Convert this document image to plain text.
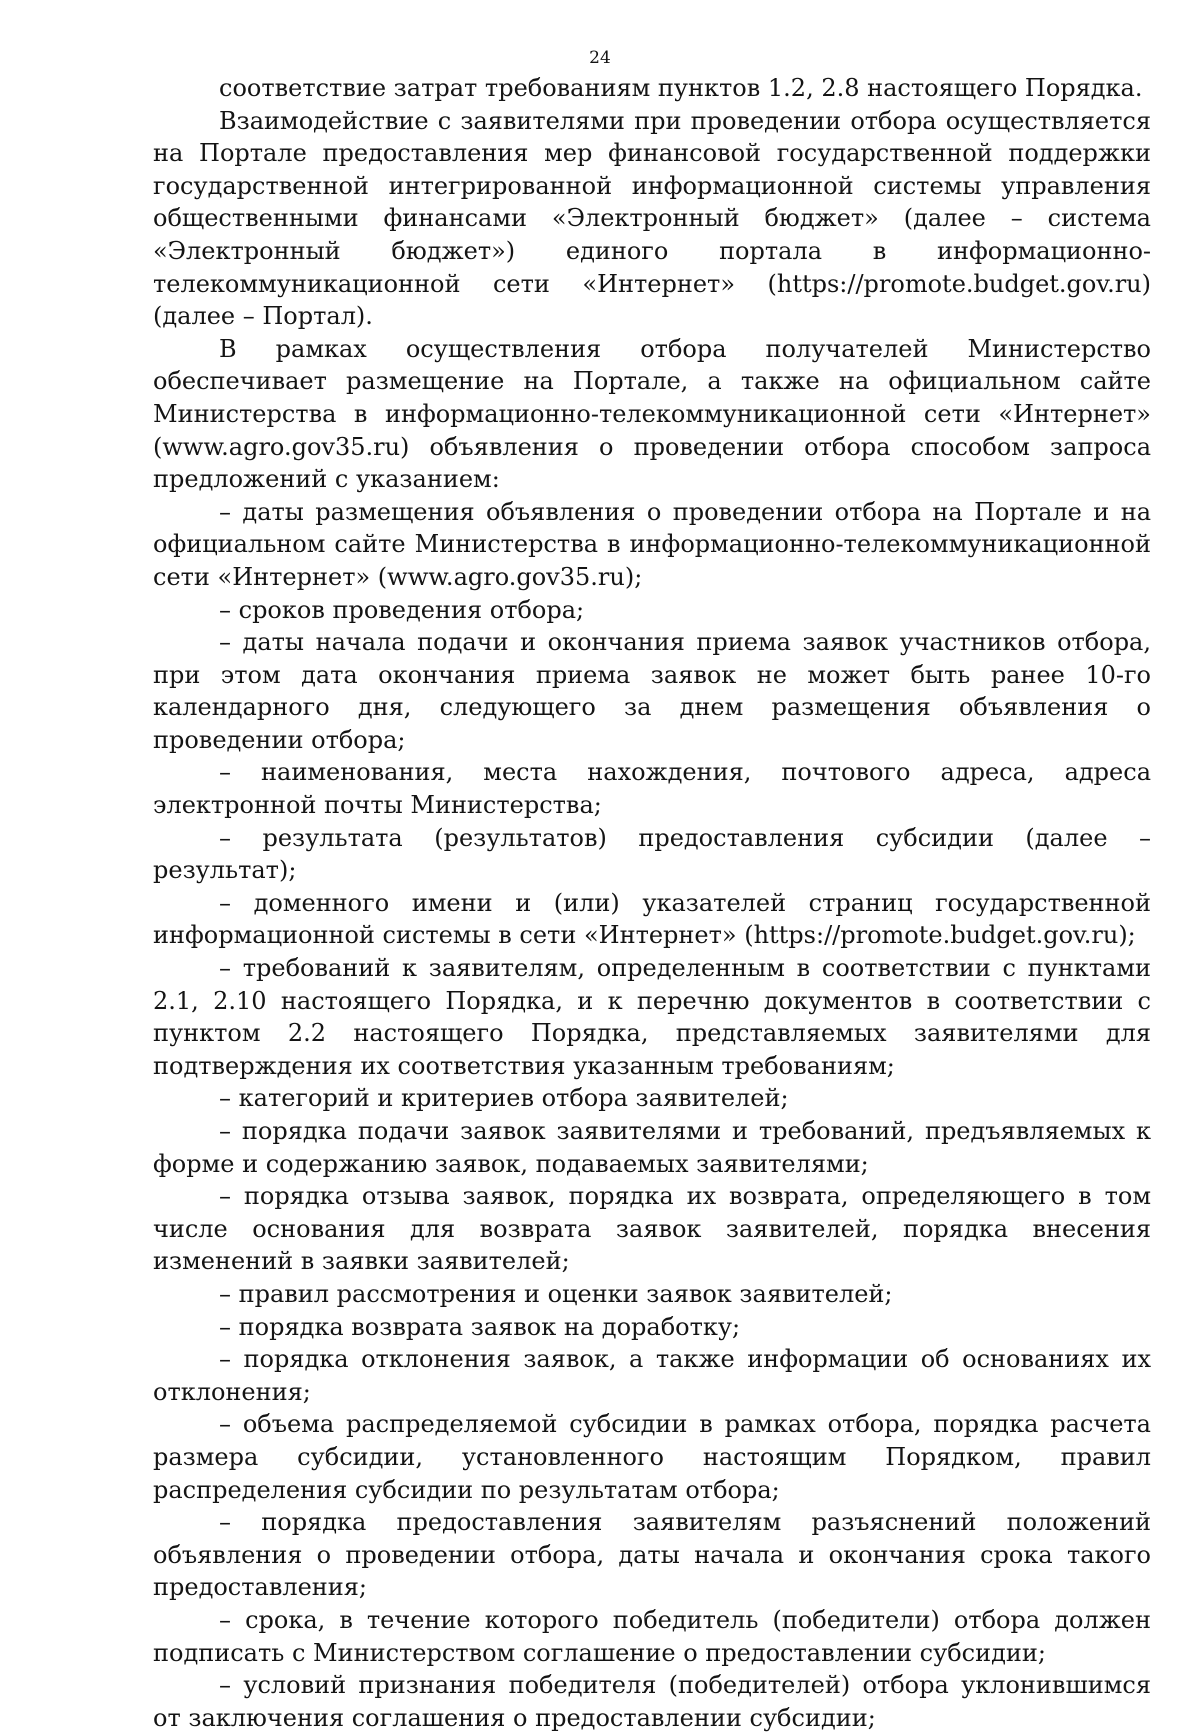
24

соответствие затрат требованиям пунктов 1.2, 2.8 настоящего Порядка.

Взаимодействие с заявителями при проведении отбора осуществляется на Портале предоставления мер финансовой государственной поддержки государственной интегрированной информационной системы управления общественными финансами «Электронный бюджет» (далее – система «Электронный бюджет») единого портала в информационно-телекоммуникационной сети «Интернет» (https://promote.budget.gov.ru) (далее – Портал).

В рамках осуществления отбора получателей Министерство обеспечивает размещение на Портале, а также на официальном сайте Министерства в информационно-телекоммуникационной сети «Интернет» (www.agro.gov35.ru) объявления о проведении отбора способом запроса предложений с указанием:

– даты размещения объявления о проведении отбора на Портале и на официальном сайте Министерства в информационно-телекоммуникационной сети «Интернет» (www.agro.gov35.ru);

– сроков проведения отбора;

– даты начала подачи и окончания приема заявок участников отбора, при этом дата окончания приема заявок не может быть ранее 10-го календарного дня, следующего за днем размещения объявления о проведении отбора;

– наименования, места нахождения, почтового адреса, адреса электронной почты Министерства;

– результата (результатов) предоставления субсидии (далее – результат);

– доменного имени и (или) указателей страниц государственной информационной системы в сети «Интернет» (https://promote.budget.gov.ru);

– требований к заявителям, определенным в соответствии с пунктами 2.1, 2.10 настоящего Порядка, и к перечню документов в соответствии с пунктом 2.2 настоящего Порядка, представляемых заявителями для подтверждения их соответствия указанным требованиям;

– категорий и критериев отбора заявителей;

– порядка подачи заявок заявителями и требований, предъявляемых к форме и содержанию заявок, подаваемых заявителями;

– порядка отзыва заявок, порядка их возврата, определяющего в том числе основания для возврата заявок заявителей, порядка внесения изменений в заявки заявителей;

– правил рассмотрения и оценки заявок заявителей;

– порядка возврата заявок на доработку;

– порядка отклонения заявок, а также информации об основаниях их отклонения;

– объема распределяемой субсидии в рамках отбора, порядка расчета размера субсидии, установленного настоящим Порядком, правил распределения субсидии по результатам отбора;

– порядка предоставления заявителям разъяснений положений объявления о проведении отбора, даты начала и окончания срока такого предоставления;

– срока, в течение которого победитель (победители) отбора должен подписать с Министерством соглашение о предоставлении субсидии;

– условий признания победителя (победителей) отбора уклонившимся от заключения соглашения о предоставлении субсидии;
